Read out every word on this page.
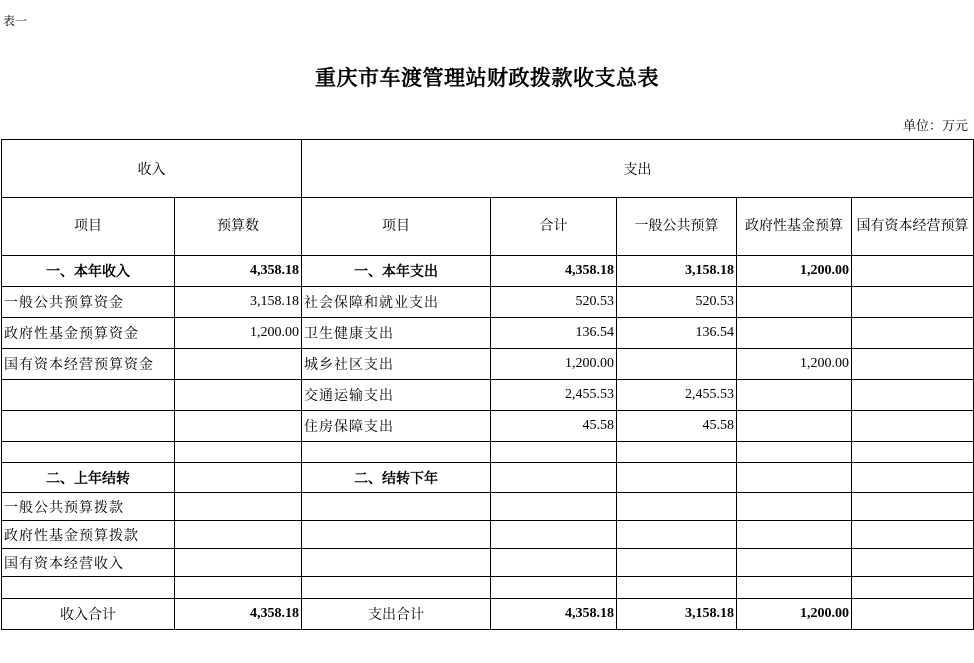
表一
重庆市车渡管理站财政拨款收支总表
单位：万元
收入		支出				
项目	预算数	项目	合计	一般公共预算	政府性基金预算	国有资本经营预算
一、本年收入	4,358.18	一、本年支出	4,358.18	3,158.18	1,200.00	
一般公共预算资金	3,158.18	社会保障和就业支出	520.53	520.53		
政府性基金预算资金	1,200.00	卫生健康支出	136.54	136.54		
国有资本经营预算资金		城乡社区支出	1,200.00		1,200.00	
		交通运输支出	2,455.53	2,455.53		
		住房保障支出	45.58	45.58		

二、上年结转		二、结转下年				
一般公共预算拨款						
政府性基金预算拨款						
国有资本经营收入						

收入合计	4,358.18	支出合计	4,358.18	3,158.18	1,200.00	
